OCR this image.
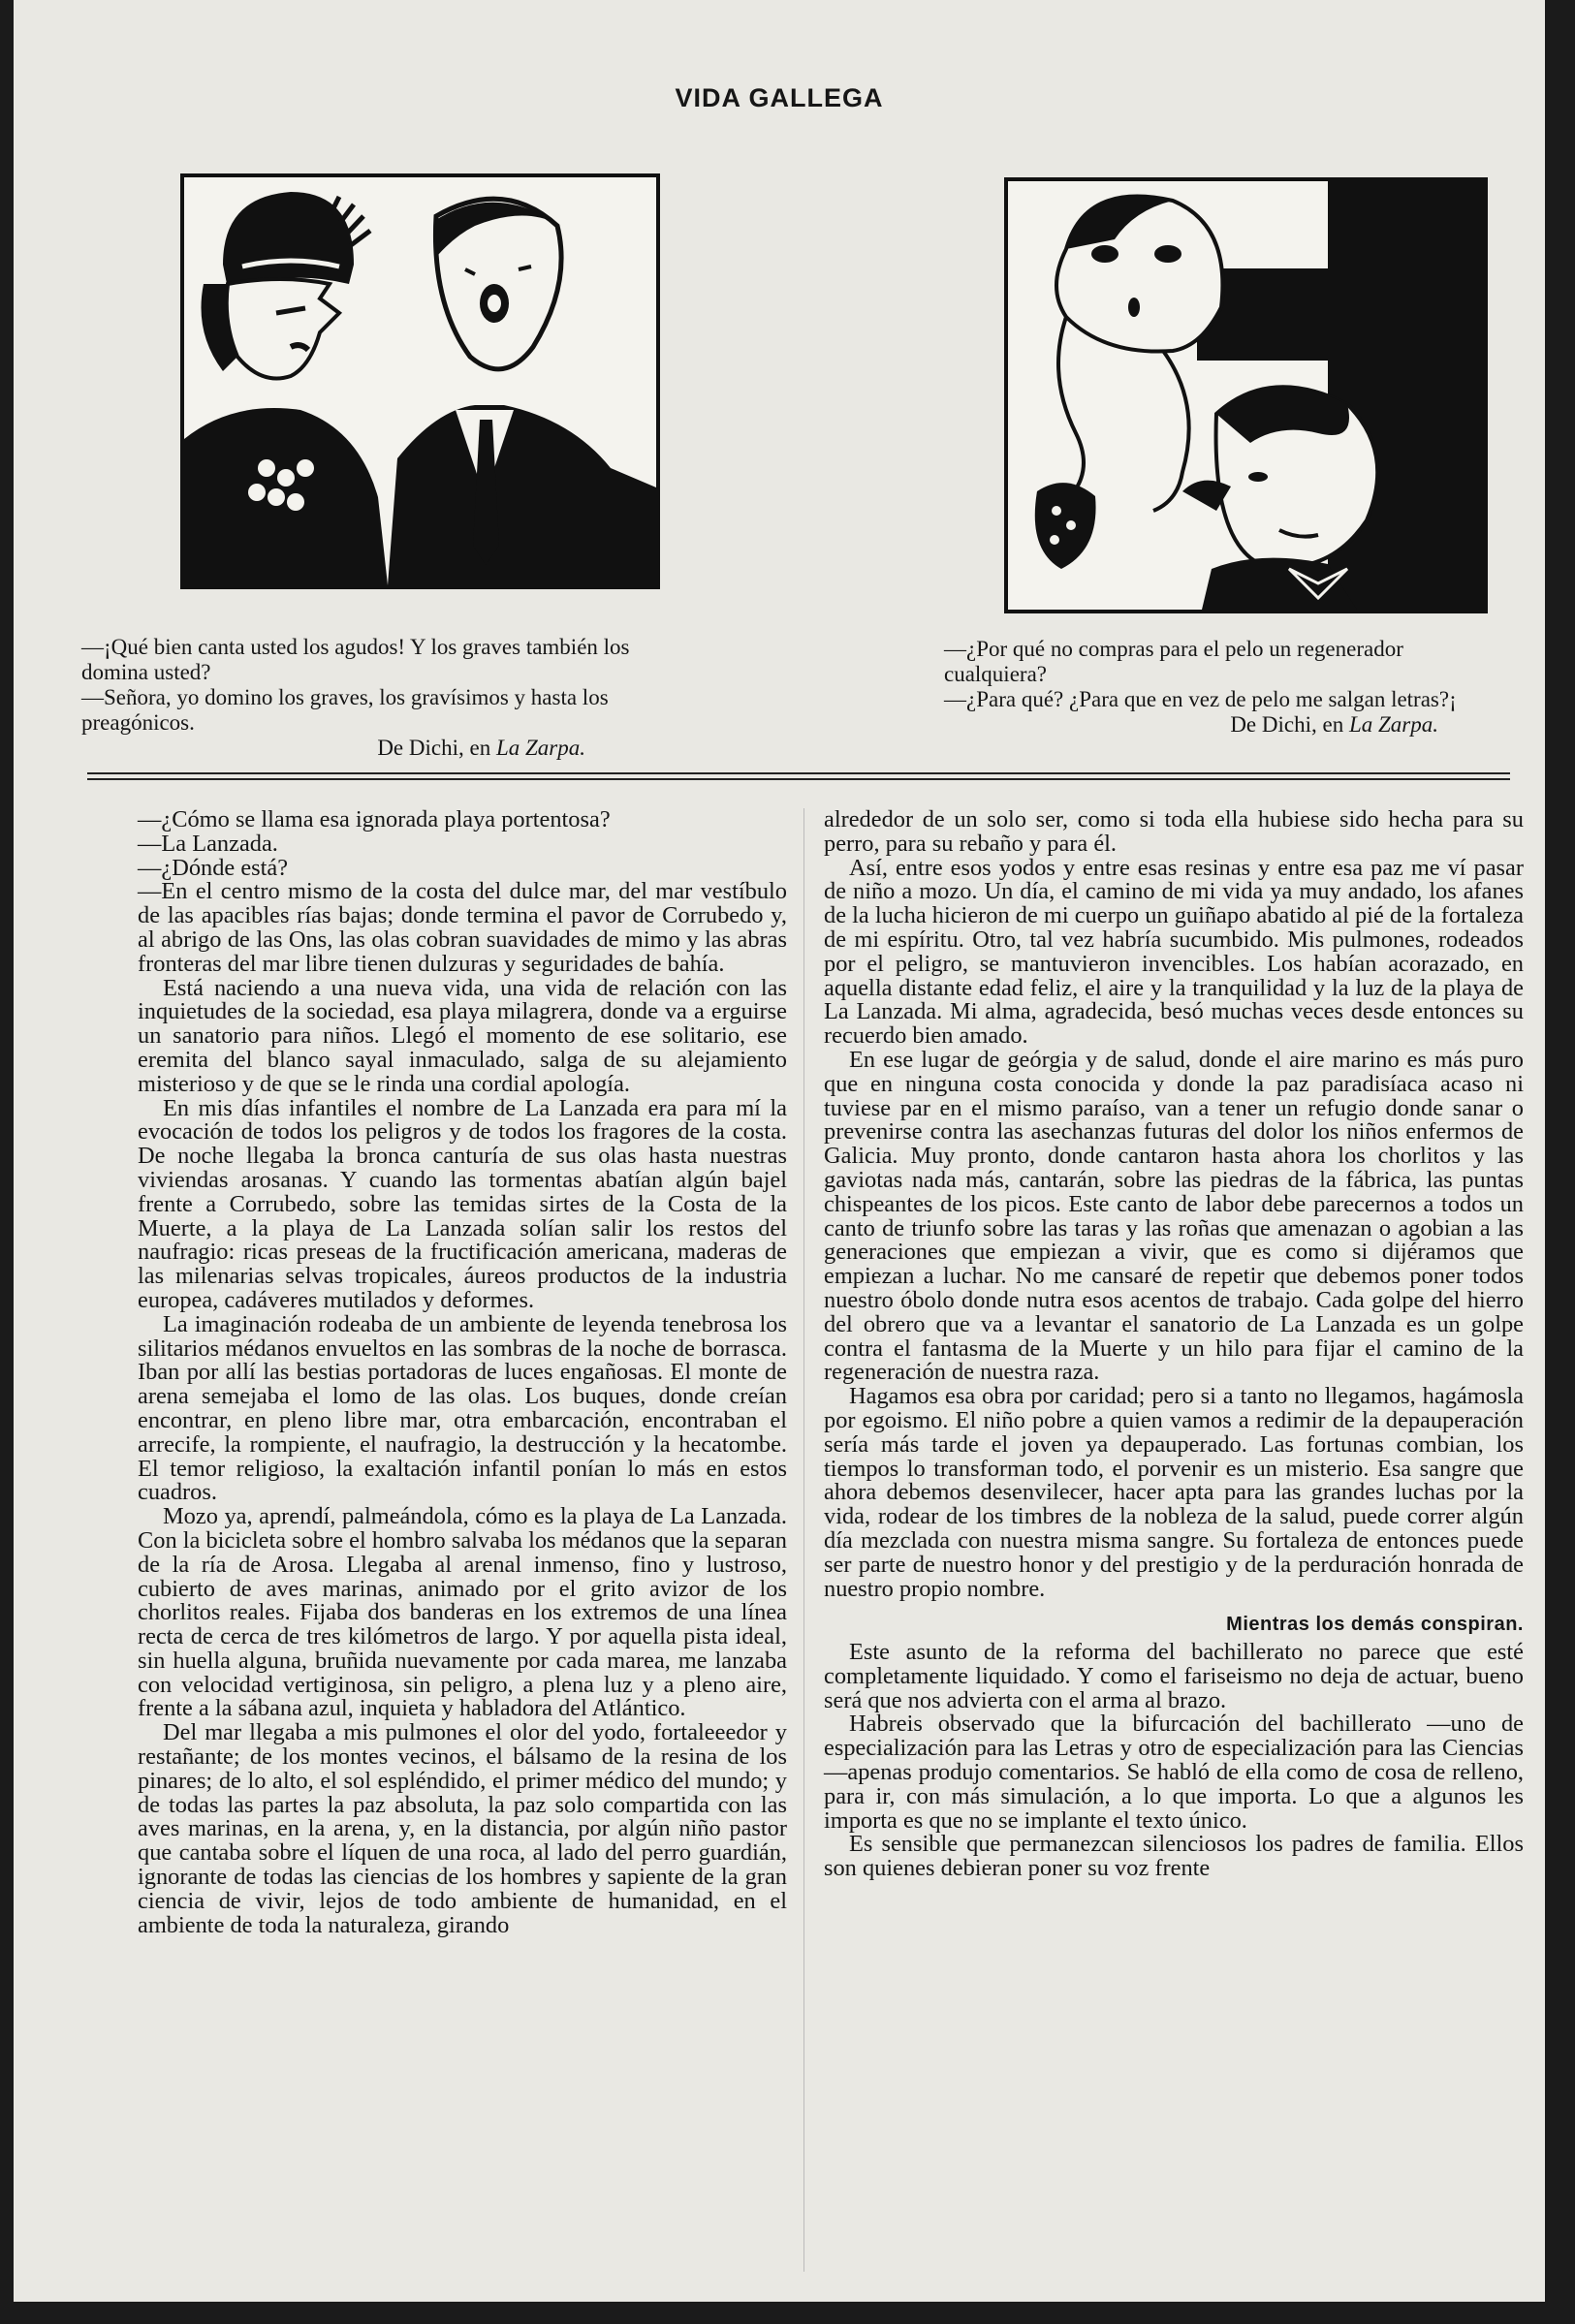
VIDA GALLEGA

—¡Qué bien canta usted los agudos! Y los graves también los domina usted?

—Señora, yo domino los graves, los gravísimos y hasta los preagónicos.

De Dichi, en La Zarpa.

—¿Por qué no compras para el pelo un regenerador cualquiera?

—¿Para qué? ¿Para que en vez de pelo me salgan letras?¡

De Dichi, en La Zarpa.

—¿Cómo se llama esa ignorada playa portentosa?

—La Lanzada.

—¿Dónde está?

—En el centro mismo de la costa del dulce mar, del mar vestíbulo de las apacibles rías bajas; donde termina el pavor de Corrubedo y, al abrigo de las Ons, las olas cobran suavidades de mimo y las abras fronteras del mar libre tienen dulzuras y seguridades de bahía.

Está naciendo a una nueva vida, una vida de relación con las inquietudes de la sociedad, esa playa milagrera, donde va a erguirse un sanatorio para niños. Llegó el momento de ese solitario, ese eremita del blanco sayal inmaculado, salga de su alejamiento misterioso y de que se le rinda una cordial apología.

En mis días infantiles el nombre de La Lanzada era para mí la evocación de todos los peligros y de todos los fragores de la costa. De noche llegaba la bronca canturía de sus olas hasta nuestras viviendas arosanas. Y cuando las tormentas abatían algún bajel frente a Corrubedo, sobre las temidas sirtes de la Costa de la Muerte, a la playa de La Lanzada solían salir los restos del naufragio: ricas preseas de la fructificación americana, maderas de las milenarias selvas tropicales, áureos productos de la industria europea, cadáveres mutilados y deformes.

La imaginación rodeaba de un ambiente de leyenda tenebrosa los silitarios médanos envueltos en las sombras de la noche de borrasca. Iban por allí las bestias portadoras de luces engañosas. El monte de arena semejaba el lomo de las olas. Los buques, donde creían encontrar, en pleno libre mar, otra embarcación, encontraban el arrecife, la rompiente, el naufragio, la destrucción y la hecatombe. El temor religioso, la exaltación infantil ponían lo más en estos cuadros.

Mozo ya, aprendí, palmeándola, cómo es la playa de La Lanzada. Con la bicicleta sobre el hombro salvaba los médanos que la separan de la ría de Arosa. Llegaba al arenal inmenso, fino y lustroso, cubierto de aves marinas, animado por el grito avizor de los chorlitos reales. Fijaba dos banderas en los extremos de una línea recta de cerca de tres kilómetros de largo. Y por aquella pista ideal, sin huella alguna, bruñida nuevamente por cada marea, me lanzaba con velocidad vertiginosa, sin peligro, a plena luz y a pleno aire, frente a la sábana azul, inquieta y habladora del Atlántico.

Del mar llegaba a mis pulmones el olor del yodo, fortaleeedor y restañante; de los montes vecinos, el bálsamo de la resina de los pinares; de lo alto, el sol espléndido, el primer médico del mundo; y de todas las partes la paz absoluta, la paz solo compartida con las aves marinas, en la arena, y, en la distancia, por algún niño pastor que cantaba sobre el líquen de una roca, al lado del perro guardián, ignorante de todas las ciencias de los hombres y sapiente de la gran ciencia de vivir, lejos de todo ambiente de humanidad, en el ambiente de toda la naturaleza, girando

alrededor de un solo ser, como si toda ella hubiese sido hecha para su perro, para su rebaño y para él.

Así, entre esos yodos y entre esas resinas y entre esa paz me ví pasar de niño a mozo. Un día, el camino de mi vida ya muy andado, los afanes de la lucha hicieron de mi cuerpo un guiñapo abatido al pié de la fortaleza de mi espíritu. Otro, tal vez habría sucumbido. Mis pulmones, rodeados por el peligro, se mantuvieron invencibles. Los habían acorazado, en aquella distante edad feliz, el aire y la tranquilidad y la luz de la playa de La Lanzada. Mi alma, agradecida, besó muchas veces desde entonces su recuerdo bien amado.

En ese lugar de geórgia y de salud, donde el aire marino es más puro que en ninguna costa conocida y donde la paz paradisíaca acaso ni tuviese par en el mismo paraíso, van a tener un refugio donde sanar o prevenirse contra las asechanzas futuras del dolor los niños enfermos de Galicia. Muy pronto, donde cantaron hasta ahora los chorlitos y las gaviotas nada más, cantarán, sobre las piedras de la fábrica, las puntas chispeantes de los picos. Este canto de labor debe parecernos a todos un canto de triunfo sobre las taras y las roñas que amenazan o agobian a las generaciones que empiezan a vivir, que es como si dijéramos que empiezan a luchar. No me cansaré de repetir que debemos poner todos nuestro óbolo donde nutra esos acentos de trabajo. Cada golpe del hierro del obrero que va a levantar el sanatorio de La Lanzada es un golpe contra el fantasma de la Muerte y un hilo para fijar el camino de la regeneración de nuestra raza.

Hagamos esa obra por caridad; pero si a tanto no llegamos, hagámosla por egoismo. El niño pobre a quien vamos a redimir de la depauperación sería más tarde el joven ya depauperado. Las fortunas combian, los tiempos lo transforman todo, el porvenir es un misterio. Esa sangre que ahora debemos desenvilecer, hacer apta para las grandes luchas por la vida, rodear de los timbres de la nobleza de la salud, puede correr algún día mezclada con nuestra misma sangre. Su fortaleza de entonces puede ser parte de nuestro honor y del prestigio y de la perduración honrada de nuestro propio nombre.

Mientras los demás conspiran.

Este asunto de la reforma del bachillerato no parece que esté completamente liquidado. Y como el fariseismo no deja de actuar, bueno será que nos advierta con el arma al brazo.

Habreis observado que la bifurcación del bachillerato —uno de especialización para las Letras y otro de especialización para las Ciencias—apenas produjo comentarios. Se habló de ella como de cosa de relleno, para ir, con más simulación, a lo que importa. Lo que a algunos les importa es que no se implante el texto único.

Es sensible que permanezcan silenciosos los padres de familia. Ellos son quienes debieran poner su voz frente
